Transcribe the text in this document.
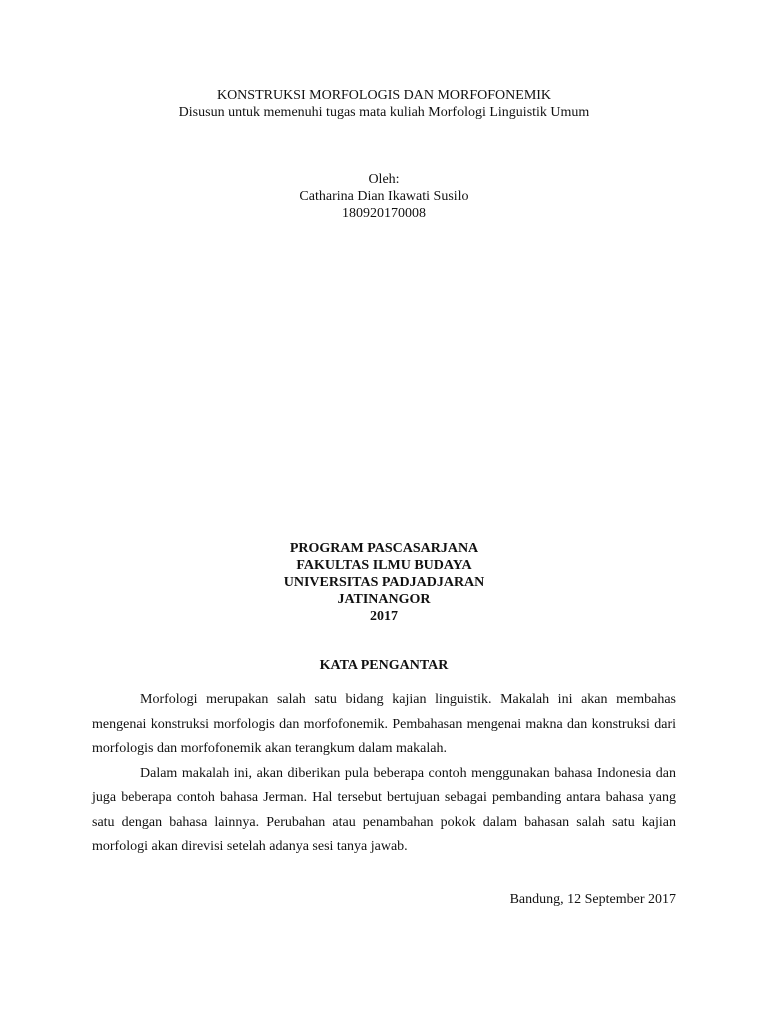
KONSTRUKSI MORFOLOGIS DAN MORFOFONEMIK
Disusun untuk memenuhi tugas mata kuliah Morfologi Linguistik Umum
Oleh:
Catharina Dian Ikawati Susilo
180920170008
PROGRAM PASCASARJANA
FAKULTAS ILMU BUDAYA
UNIVERSITAS PADJADJARAN
JATINANGOR
2017
KATA PENGANTAR

Morfologi merupakan salah satu bidang kajian linguistik. Makalah ini akan membahas mengenai konstruksi morfologis dan morfofonemik. Pembahasan mengenai makna dan konstruksi dari morfologis dan morfofonemik akan terangkum dalam makalah.

Dalam makalah ini, akan diberikan pula beberapa contoh menggunakan bahasa Indonesia dan juga beberapa contoh bahasa Jerman. Hal tersebut bertujuan sebagai pembanding antara bahasa yang satu dengan bahasa lainnya. Perubahan atau penambahan pokok dalam bahasan salah satu kajian morfologi akan direvisi setelah adanya sesi tanya jawab.

Bandung, 12 September 2017
